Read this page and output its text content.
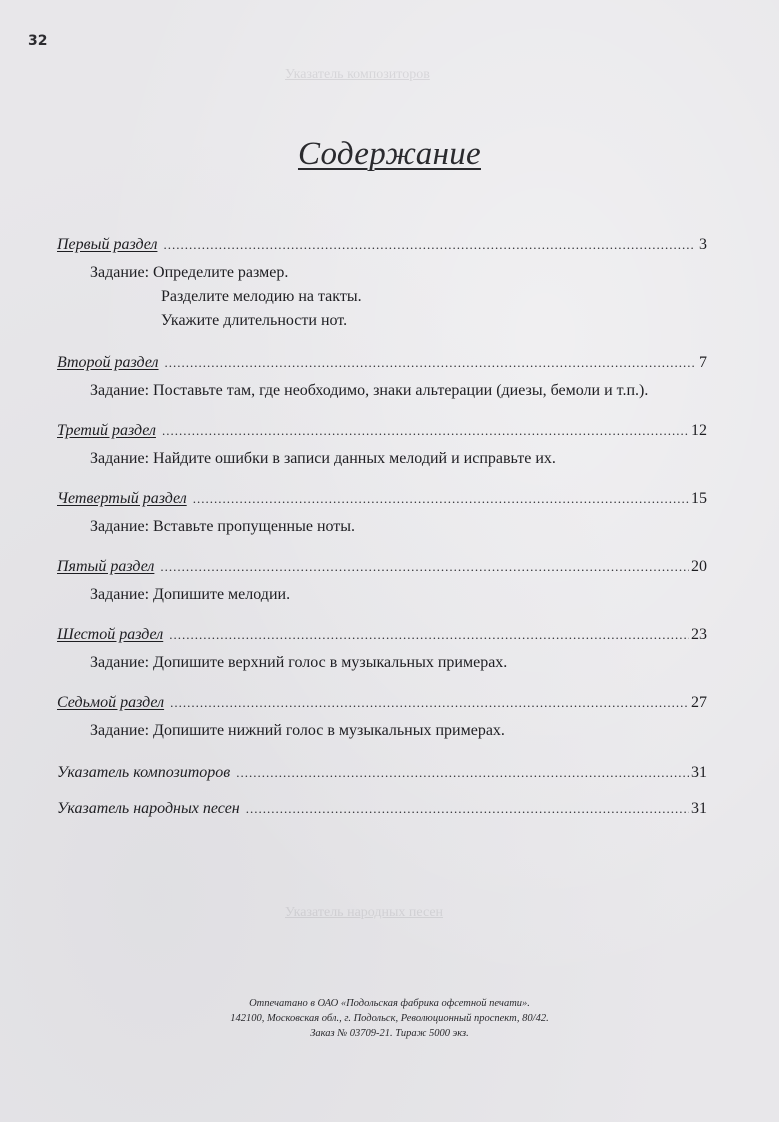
32
Содержание
Первый раздел .....	3
Задание: Определите размер.
Разделите мелодию на такты.
Укажите длительности нот.
Второй раздел .....	7
Задание: Поставьте там, где необходимо, знаки альтерации (диезы, бемоли и т.п.).
Третий раздел .....	12
Задание: Найдите ошибки в записи данных мелодий и исправьте их.
Четвертый раздел .....	15
Задание: Вставьте пропущенные ноты.
Пятый раздел .....	20
Задание: Допишите мелодии.
Шестой раздел .....	23
Задание: Допишите верхний голос в музыкальных примерах.
Седьмой раздел .....	27
Задание: Допишите нижний голос в музыкальных примерах.
Указатель композиторов .....	31
Указатель народных песен .....	31
Отпечатано в ОАО «Подольская фабрика офсетной печати».
142100, Московская обл., г. Подольск, Революционный проспект, 80/42.
Заказ № 03709-21. Тираж 5000 экз.
